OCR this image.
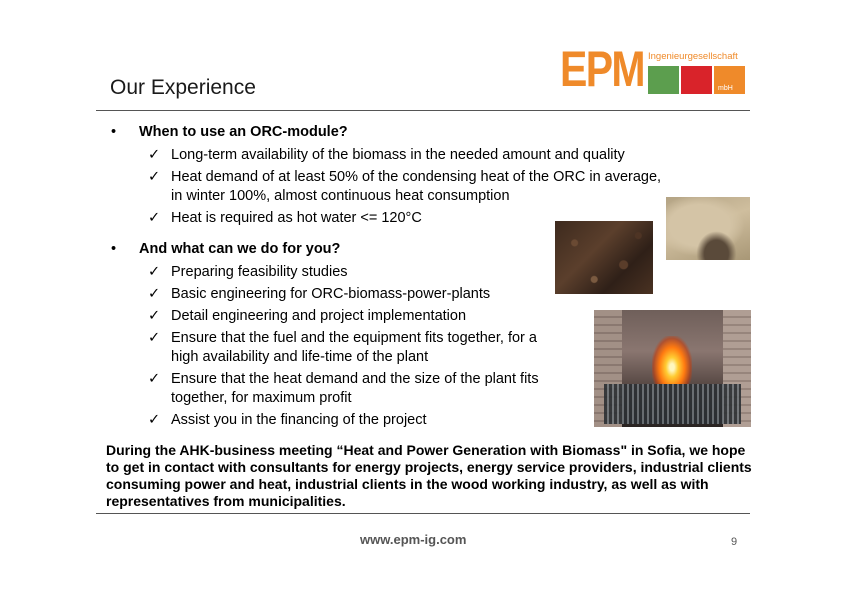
Our Experience	EPM Ingenieurgesellschaft
mbH
• When to use an ORC-module?
✓ Long-term availability of the biomass in the needed amount and quality
✓ Heat demand of at least 50% of the condensing heat of the ORC in average, in winter 100%, almost continuous heat consumption
✓ Heat is required as hot water <= 120°C
• And what can we do for you?
✓ Preparing feasibility studies
✓ Basic engineering for ORC-biomass-power-plants
✓ Detail engineering and project implementation
✓ Ensure that the fuel and the equipment fits together, for a high availability and life-time of the plant
✓ Ensure that the heat demand and the size of the plant fits together, for maximum profit
✓ Assist you in the financing of the project
During the AHK-business meeting “Heat and Power Generation with Biomass" in Sofia, we hope to get in contact with consultants for energy projects, energy service providers, industrial clients consuming power and heat, industrial clients in the wood working industry, as well as with representatives from municipalities.
www.epm-ig.com	9
